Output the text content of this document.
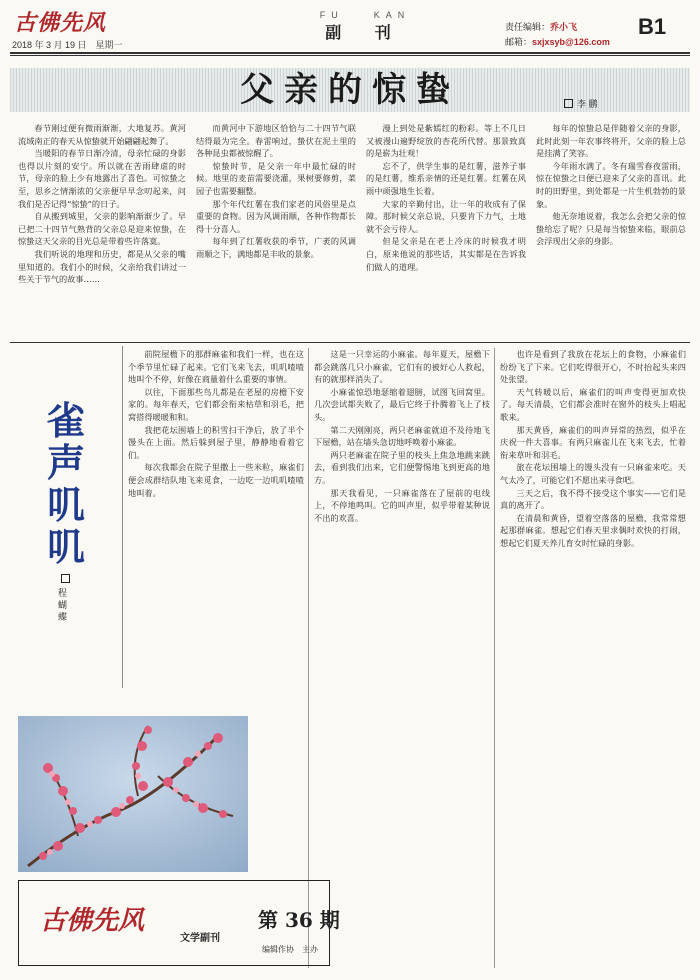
古佛先风
2018 年 3 月 19 日　星期一
FU　　KAN
副 刊	责任编辑：乔小飞
邮箱：sxjxsyb@126.com
B1
父亲的惊蛰	李 鹏

春节刚过便有微雨渐渐，大地复苏。黄河流域南正的春天从惊蛰就开始翩翩起舞了。

当暖阳的春节日渐冷清，母亲忙碌的身影也得以片刻的安宁。所以就在苦雨肆虐的时节，母亲的脸上少有地露出了喜色。可惊蛰之至，思乡之情渐浓的父亲便早早念叨起来，问我们是否记得“惊蛰”的日子。

自从搬到城里，父亲的影响渐渐少了。早已把二十四节气熟背的父亲总是迎来惊蛰，在惊蛰这天父亲的目光总是带着些许落寞。

我们听说的地理和历史，都是从父亲的嘴里知道的。我们小的时候，父亲给我们讲过一些关于节气的故事……

而黄河中下游地区恰恰与二十四节气联结得最为完全。春雷响过，蛰伏在泥土里的各种昆虫都被惊醒了。

惊蛰时节，是父亲一年中最忙碌的时候。地里的麦苗需要浇灌，果树要修剪，菜园子也需要翻整。

那个年代红薯在我们家老的风俗里是点重要的食物。因为风调雨顺，各种作物都长得十分喜人。

每年到了红薯收获的季节，广袤的风调雨顺之下，满地都是丰收的景象。

漫上到处是紫嫣红的粉彩。等上不几日又被漫山遍野绽放的杏花所代替。那景致真的是崭为壮观！

忘不了，供学生事的是红薯，滋养子事的是红薯，维系亲情的还是红薯。红薯在风雨中顽强地生长着。

大家的辛勤付出，让一年的收成有了保障。那时候父亲总说，只要肯下力气，土地就不会亏待人。

但是父亲是在老上冷床的时候我才明白，原来他说的那些话，其实都是在告诉我们做人的道理。

每年的惊蛰总是伴随着父亲的身影，此时此刻一年农事终将开，父亲的脸上总是挂满了笑容。

今年雨水满了。冬有瑞雪春夜雷雨，惊在惊蛰之日便已迎来了父亲的喜讯。此时的田野里，到处都是一片生机勃勃的景象。

他无奈地说着，我怎么会把父亲的惊蛰给忘了呢？只是每当惊蛰来临，眼前总会浮现出父亲的身影。

雀声叽叽
程蝴蝶

前院屋檐下的那群麻雀和我们一样，也在这个季节里忙碌了起来。它们飞来飞去，叽叽喳喳地叫个不停，好像在商量着什么重要的事情。

以往，下面那些鸟儿都是在老屋的房檐下安家的。每年春天，它们都会衔来枯草和羽毛，把窝搭得暖暖和和。

我把花坛围墙上的积雪扫干净后，放了半个馒头在上面。然后躲到屋子里，静静地看着它们。

每次我都会在院子里撒上一些米粒，麻雀们便会成群结队地飞来觅食，一边吃一边叽叽喳喳地叫着。

这是一只幸运的小麻雀。每年夏天，屋檐下都会跳落几只小麻雀，它们有的被好心人救起，有的就那样消失了。

小麻雀惊恐地瑟缩着翅膀，试图飞回窝里。几次尝试都失败了，最后它终于扑腾着飞上了枝头。

第二天刚刚亮，两只老麻雀就迫不及待地飞下屋檐，站在墙头急切地呼唤着小麻雀。

两只老麻雀在院子里的枝头上焦急地跳来跳去，看到我们出来，它们便警惕地飞到更高的地方。

那天我看见，一只麻雀落在了屋前的电线上，不停地鸣叫。它的叫声里，似乎带着某种说不出的欢喜。

也许是看到了我放在花坛上的食物，小麻雀们纷纷飞了下来。它们吃得很开心，不时抬起头来四处张望。

天气转暖以后，麻雀们的叫声变得更加欢快了。每天清晨，它们都会准时在窗外的枝头上唱起歌来。

那天黄昏，麻雀们的叫声异常的热烈，似乎在庆祝一件大喜事。有两只麻雀儿在飞来飞去，忙着衔来草叶和羽毛。

旅在花坛围墙上的馒头没有一只麻雀来吃。天气太冷了，可能它们不愿出来寻食吧。

三天之后，我不得不接受这个事实——它们是真的离开了。

在清晨和黄昏，望着空落落的屋檐，我常常想起那群麻雀。想起它们春天里求偶时欢快的打闹，想起它们夏天养儿育女时忙碌的身影。

古佛先风
文学副刊
第 36 期
编辑作协　主办
